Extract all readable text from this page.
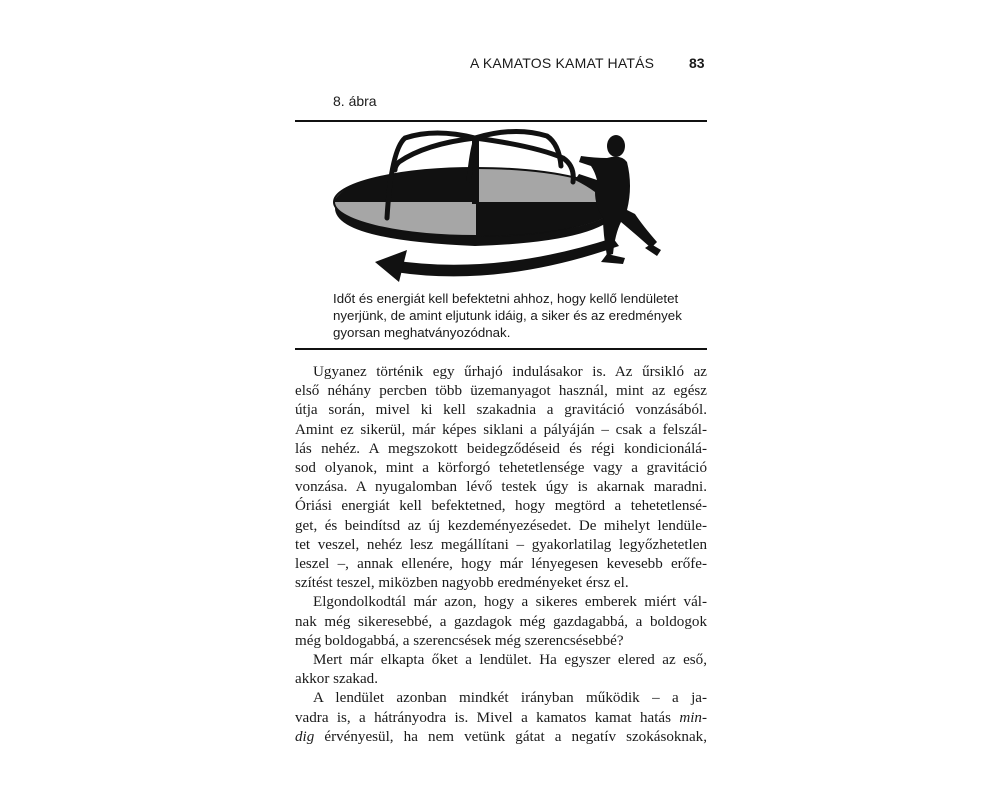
A KAMATOS KAMAT HATÁS 83
8. ábra
Időt és energiát kell befektetni ahhoz, hogy kellő lendületet
nyerjünk, de amint eljutunk idáig, a siker és az eredmények
gyorsan meghatványozódnak.
Ugyanez történik egy űrhajó indulásakor is. Az űrsikló az
első néhány percben több üzemanyagot használ, mint az egész
útja során, mivel ki kell szakadnia a gravitáció vonzásából.
Amint ez sikerül, már képes siklani a pályáján – csak a felszál-
lás nehéz. A megszokott beidegződéseid és régi kondicionálá-
sod olyanok, mint a körforgó tehetetlensége vagy a gravitáció
vonzása. A nyugalomban lévő testek úgy is akarnak maradni.
Óriási energiát kell befektetned, hogy megtörd a tehetetlensé-
get, és beindítsd az új kezdeményezésedet. De mihelyt lendüle-
tet veszel, nehéz lesz megállítani – gyakorlatilag legyőzhetetlen
leszel –, annak ellenére, hogy már lényegesen kevesebb erőfe-
szítést teszel, miközben nagyobb eredményeket érsz el.
Elgondolkodtál már azon, hogy a sikeres emberek miért vál-
nak még sikeresebbé, a gazdagok még gazdagabbá, a boldogok
még boldogabbá, a szerencsések még szerencsésebbé?
Mert már elkapta őket a lendület. Ha egyszer elered az eső,
akkor szakad.
A lendület azonban mindkét irányban működik – a ja-
vadra is, a hátrányodra is. Mivel a kamatos kamat hatás min-
dig érvényesül, ha nem vetünk gátat a negatív szokásoknak,
